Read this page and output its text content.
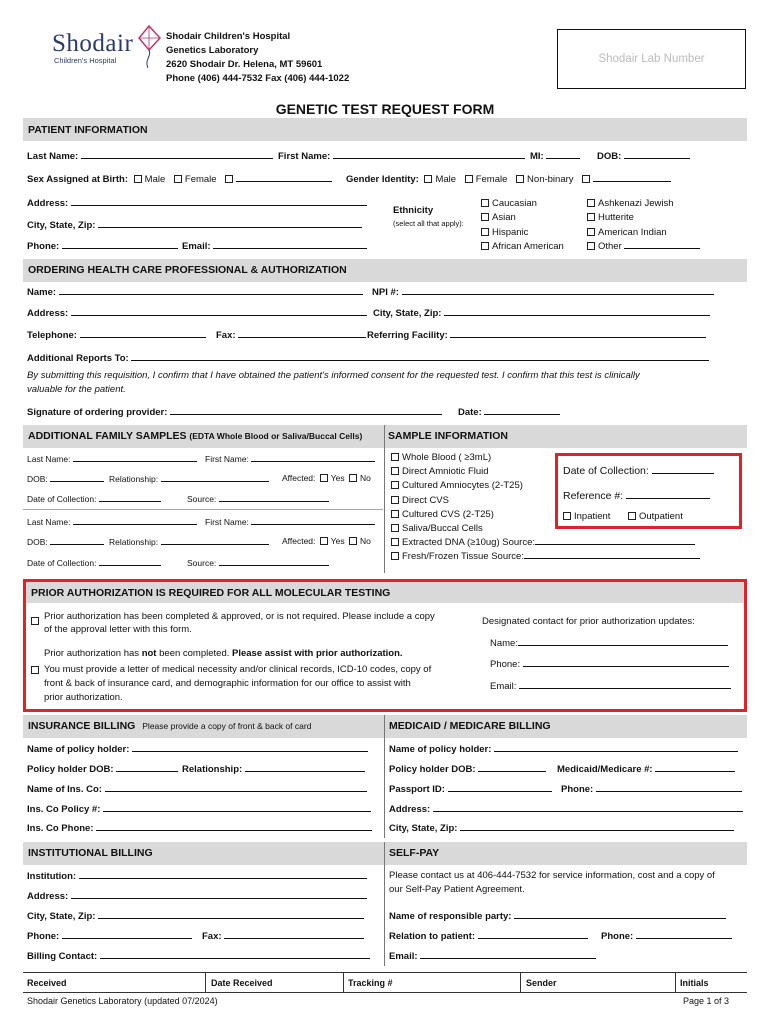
Shodair
Children's Hospital
Shodair Children's Hospital
Genetics Laboratory
2620 Shodair Dr. Helena, MT 59601
Phone (406) 444-7532 Fax (406) 444-1022
Shodair Lab Number
GENETIC TEST REQUEST FORM
PATIENT INFORMATION
Last Name:	First Name:	MI:	DOB:
Sex Assigned at Birth: Male Female	Gender Identity: Male Female Non-binary
Address:
City, State, Zip:
Phone:	Email:
Ethnicity
(select all that apply):
Caucasian
Asian
Hispanic
African American
Ashkenazi Jewish
Hutterite
American Indian
Other
ORDERING HEALTH CARE PROFESSIONAL & AUTHORIZATION
Name:	NPI #:
Address:	City, State, Zip:
Telephone:	Fax:	Referring Facility:
Additional Reports To:
By submitting this requisition, I confirm that I have obtained the patient's informed consent for the requested test. I confirm that this test is clinically
valuable for the patient.
Signature of ordering provider:	Date:
ADDITIONAL FAMILY SAMPLES (EDTA Whole Blood or Saliva/Buccal Cells) SAMPLE INFORMATION
Last Name:	First Name:
DOB:	Relationship:	Affected: Yes No
Date of Collection:	Source:
Last Name:	First Name:
DOB:	Relationship:	Affected: Yes No
Date of Collection:	Source:
Whole Blood ( ≥3mL)
Direct Amniotic Fluid
Cultured Amniocytes (2-T25)
Direct CVS
Cultured CVS (2-T25)
Saliva/Buccal Cells
Extracted DNA (≥10ug) Source:
Fresh/Frozen Tissue Source:
Date of Collection:
Reference #:
Inpatient	Outpatient
PRIOR AUTHORIZATION IS REQUIRED FOR ALL MOLECULAR TESTING
Prior authorization has been completed & approved, or is not required. Please include a copy
of the approval letter with this form.
Prior authorization has not been completed. Please assist with prior authorization.
You must provide a letter of medical necessity and/or clinical records, ICD-10 codes, copy of
front & back of insurance card, and demographic information for our office to assist with
prior authorization.
Designated contact for prior authorization updates:
Name:
Phone:
Email:
INSURANCE BILLING Please provide a copy of front & back of card	MEDICAID / MEDICARE BILLING
Name of policy holder:
Policy holder DOB:	Relationship:
Name of Ins. Co:
Ins. Co Policy #:
Ins. Co Phone:
Name of policy holder:
Policy holder DOB:	Medicaid/Medicare #:
Passport ID:	Phone:
Address:
City, State, Zip:
INSTITUTIONAL BILLING	SELF-PAY
Institution:
Address:
City, State, Zip:
Phone:	Fax:
Billing Contact:
Please contact us at 406-444-7532 for service information, cost and a copy of
our Self-Pay Patient Agreement.
Name of responsible party:
Relation to patient:	Phone:
Email:
Received	Date Received	Tracking #	Sender	Initials
Shodair Genetics Laboratory (updated 07/2024)	Page 1 of 3
